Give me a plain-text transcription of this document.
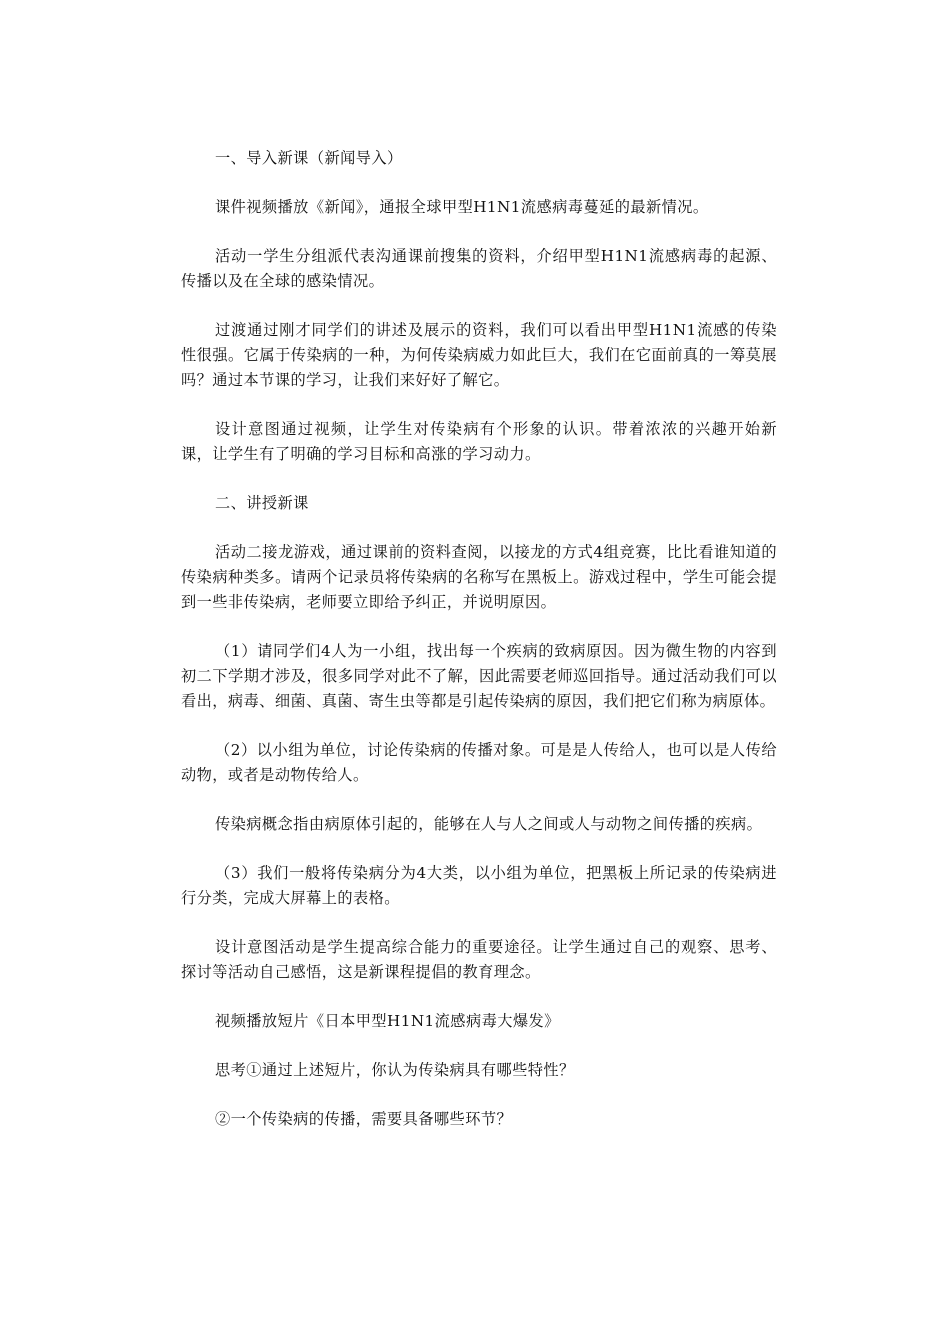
一、导入新课（新闻导入）

课件视频播放《新闻》，通报全球甲型H1N1流感病毒蔓延的最新情况。

活动一学生分组派代表沟通课前搜集的资料，介绍甲型H1N1流感病毒的起源、传播以及在全球的感染情况。

过渡通过刚才同学们的讲述及展示的资料，我们可以看出甲型H1N1流感的传染性很强。它属于传染病的一种，为何传染病威力如此巨大，我们在它面前真的一筹莫展吗？通过本节课的学习，让我们来好好了解它。

设计意图通过视频，让学生对传染病有个形象的认识。带着浓浓的兴趣开始新课，让学生有了明确的学习目标和高涨的学习动力。

二、讲授新课

活动二接龙游戏，通过课前的资料查阅，以接龙的方式4组竞赛，比比看谁知道的传染病种类多。请两个记录员将传染病的名称写在黑板上。游戏过程中，学生可能会提到一些非传染病，老师要立即给予纠正，并说明原因。

（1）请同学们4人为一小组，找出每一个疾病的致病原因。因为微生物的内容到初二下学期才涉及，很多同学对此不了解，因此需要老师巡回指导。通过活动我们可以看出，病毒、细菌、真菌、寄生虫等都是引起传染病的原因，我们把它们称为病原体。

（2）以小组为单位，讨论传染病的传播对象。可是是人传给人，也可以是人传给动物，或者是动物传给人。

传染病概念指由病原体引起的，能够在人与人之间或人与动物之间传播的疾病。

（3）我们一般将传染病分为4大类，以小组为单位，把黑板上所记录的传染病进行分类，完成大屏幕上的表格。

设计意图活动是学生提高综合能力的重要途径。让学生通过自己的观察、思考、探讨等活动自己感悟，这是新课程提倡的教育理念。

视频播放短片《日本甲型H1N1流感病毒大爆发》

思考①通过上述短片，你认为传染病具有哪些特性？

②一个传染病的传播，需要具备哪些环节？
